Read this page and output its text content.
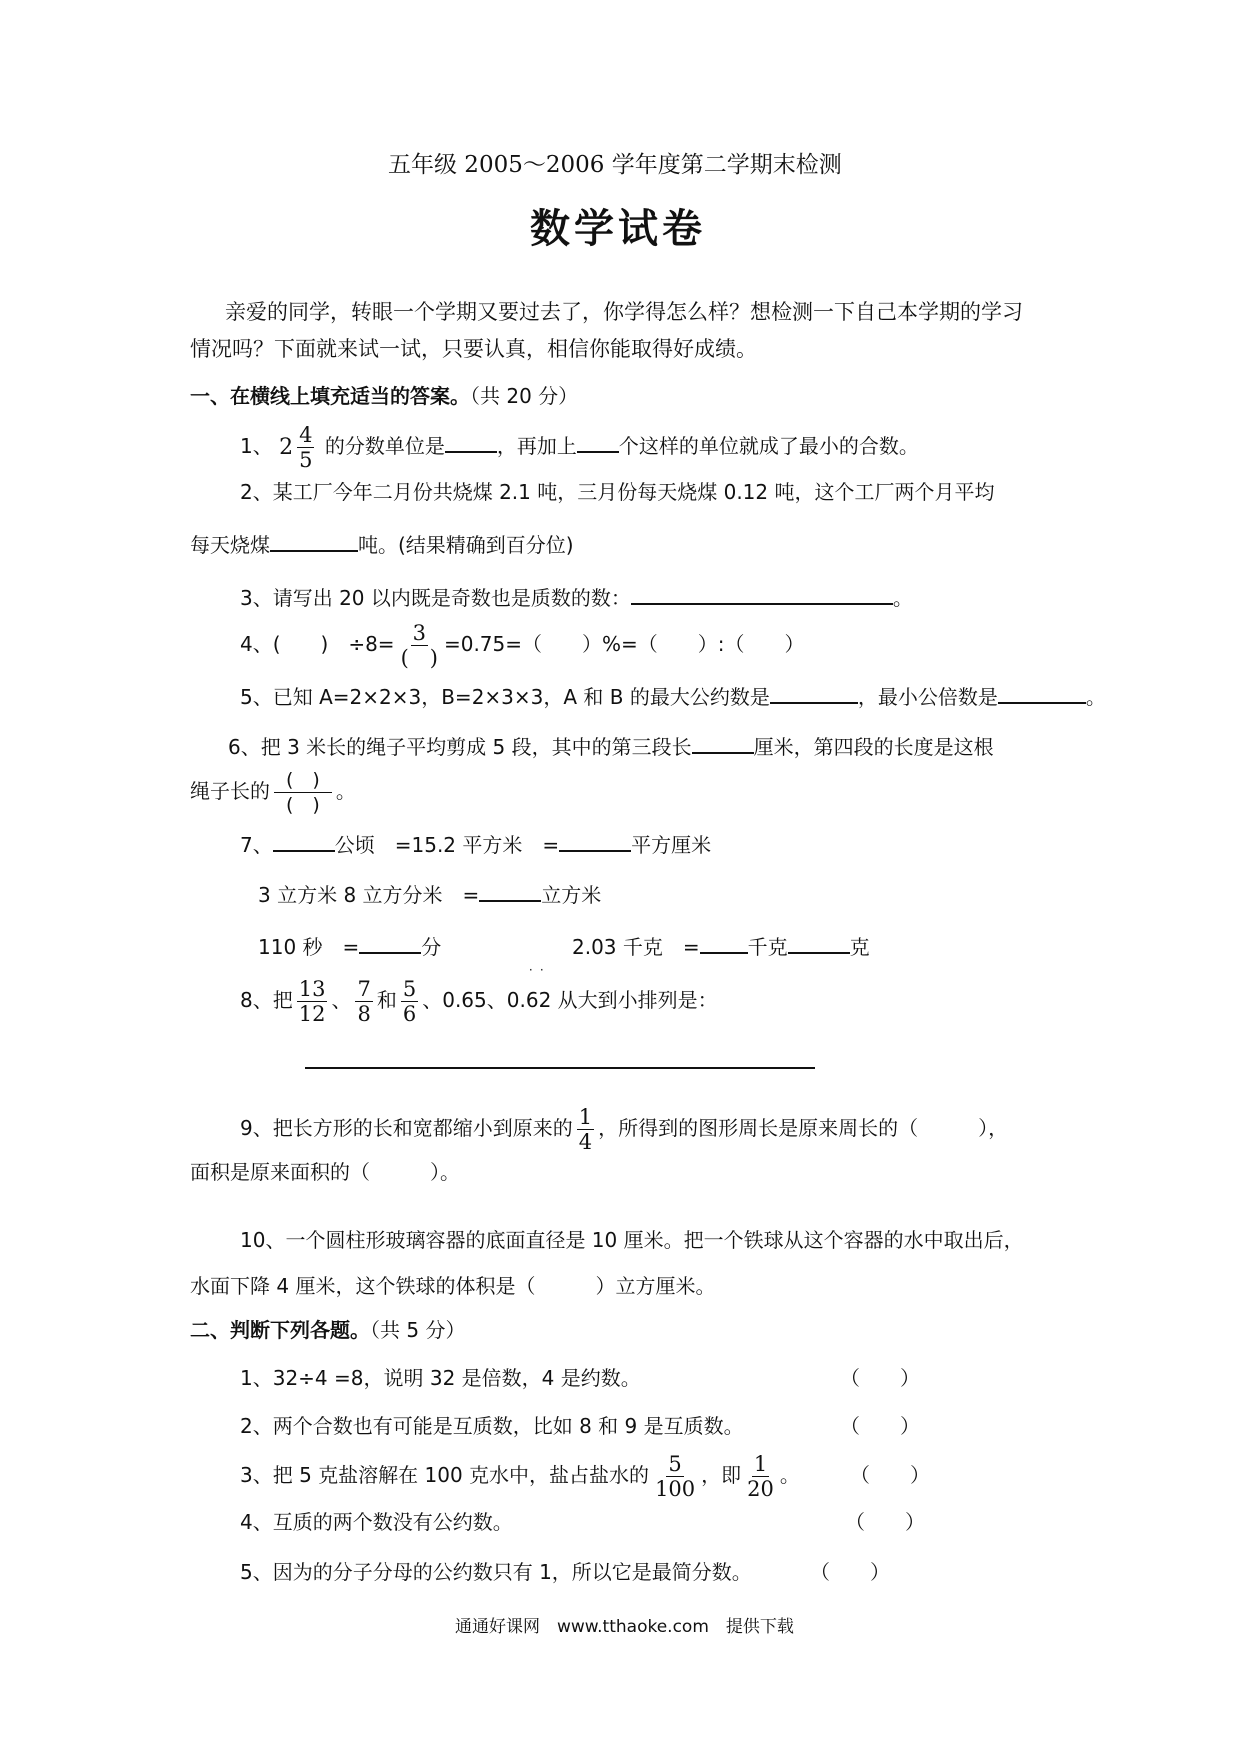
五年级 2005～2006 学年度第二学期末检测
数学试卷
亲爱的同学，转眼一个学期又要过去了，你学得怎么样？想检测一下自己本学期的学习
情况吗？下面就来试一试，只要认真，相信你能取得好成绩。
一、在横线上填充适当的答案。（共 20 分）
1、 $2 \frac{4}{5}$ 的分数单位是	，再加上 个这样的单位就成了最小的合数。
2、某工厂今年二月份共烧煤 2.1 吨，三月份每天烧煤 0.12 吨，这个工厂两个月平均
每天烧煤	吨。(结果精确到百分位)
3、请写出 20 以内既是奇数也是质数的数：	。
4、(　　)　$\div 8= \frac{3}{( )} =0.75=$（　　）%=（　　）:（　　）
5、已知 A=2×2×3，B=2×3×3，A 和 B 的最大公约数是	，最小公倍数是	。
6、把 3 米长的绳子平均剪成 5 段，其中的第三段长	厘米，第四段的长度是这根
绳子长的 $\frac{( )}{( )}$ 。
7、	公顷　=15.2 平方米　=	平方厘米
3 立方米 8 立方分米　=	立方米
110 秒　=	分	2.03 千克　= 千克	克
8、把 $\frac{13}{12}$ 、 $\frac{7}{8}$ 和 $\frac{5}{6}$ 、0.65、0.62
· ·
从大到小排列是：
9、把长方形的长和宽都缩小到原来的 $\frac{1}{4}$ ，所得到的图形周长是原来周长的（　　　），
面积是原来面积的（　　　）。
10、一个圆柱形玻璃容器的底面直径是 10 厘米。把一个铁球从这个容器的水中取出后，
水面下降 4 厘米，这个铁球的体积是（　　　）立方厘米。
二、判断下列各题。（共 5 分）
1、32÷4 =8，说明 32 是倍数，4 是约数。	（　　）
2、两个合数也有可能是互质数，比如 8 和 9 是互质数。	（　　）
3、把 5 克盐溶解在 100 克水中，盐占盐水的 $\frac{5}{100}$ ，即 $\frac{1}{20}$ 。	（　　）
4、互质的两个数没有公约数。	（　　）
5、因为的分子分母的公约数只有 1，所以它是最简分数。	（　　）
通通好课网　www.tthaoke.com　提供下载
